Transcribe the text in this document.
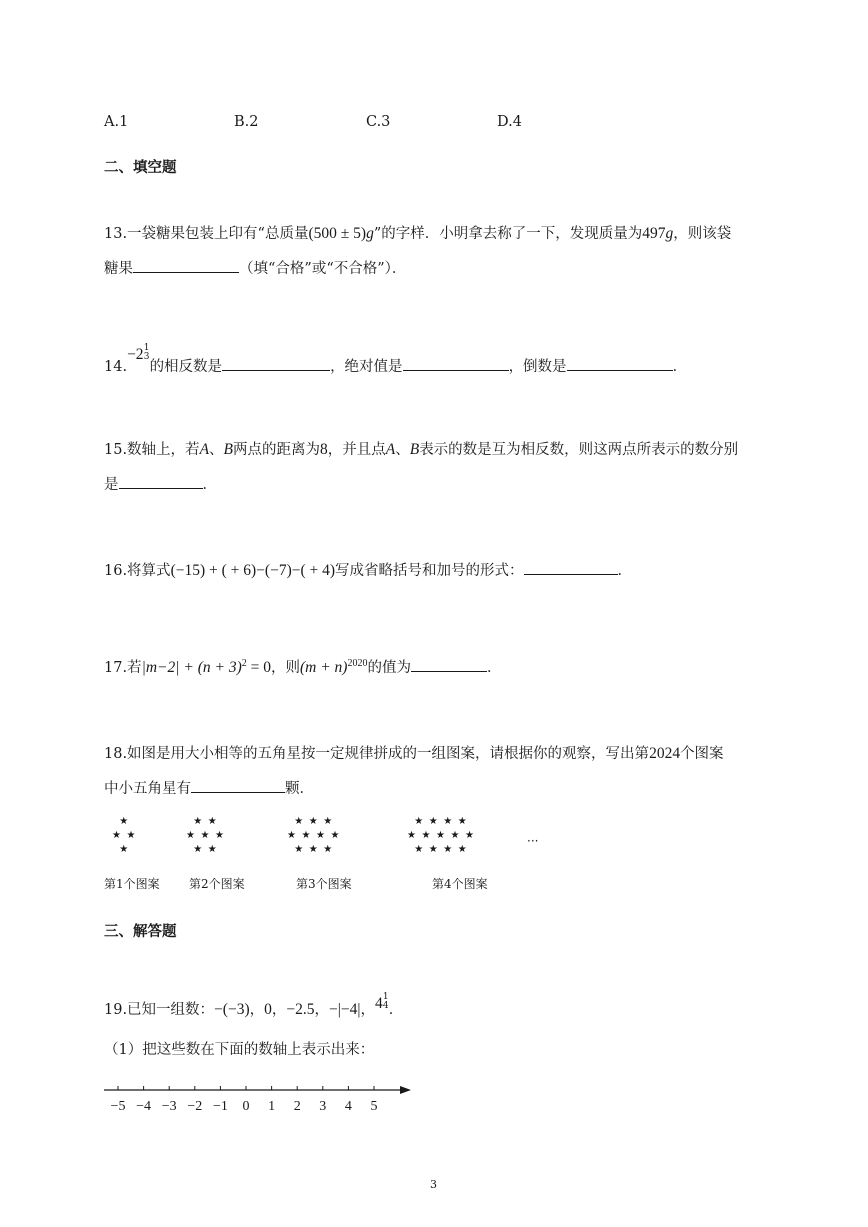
A.1	B.2	C.3	D.4
二、填空题
13.一袋糖果包装上印有“总质量(500 ± 5)g”的字样．小明拿去称了一下，发现质量为497g，则该袋
糖果	（填“合格”或“不合格”）．
14.−2 1
3
的相反数是	，绝对值是	，倒数是	．
15.数轴上，若A、B两点的距离为8，并且点A、B表示的数是互为相反数，则这两点所表示的数分别
是	．
16.将算式(−15) + ( + 6)−(−7)−( + 4)写成省略括号和加号的形式：	．
17.若$|m-2| + (n + 3)^2 = 0$，则$(m + n)^{2020}$的值为	．
18.如图是用大小相等的五角星按一定规律拼成的一组图案，请根据你的观察，写出第2024个图案
中小五角星有	颗．
★
★ ★
★
★ ★
★ ★ ★
★ ★
★ ★ ★
★ ★ ★ ★
★ ★ ★
★ ★ ★ ★
★ ★ ★ ★ ★
★ ★ ★ ★
···
第1个图案 第2个图案	第3个图案	第4个图案
三、解答题
19.已知一组数：−(−3)，0，−2.5，−|−4|，4 1
4 ．
（1）把这些数在下面的数轴上表示出来：
−5 −4 −3 −2 −1 0 1 2 3 4 5
3
